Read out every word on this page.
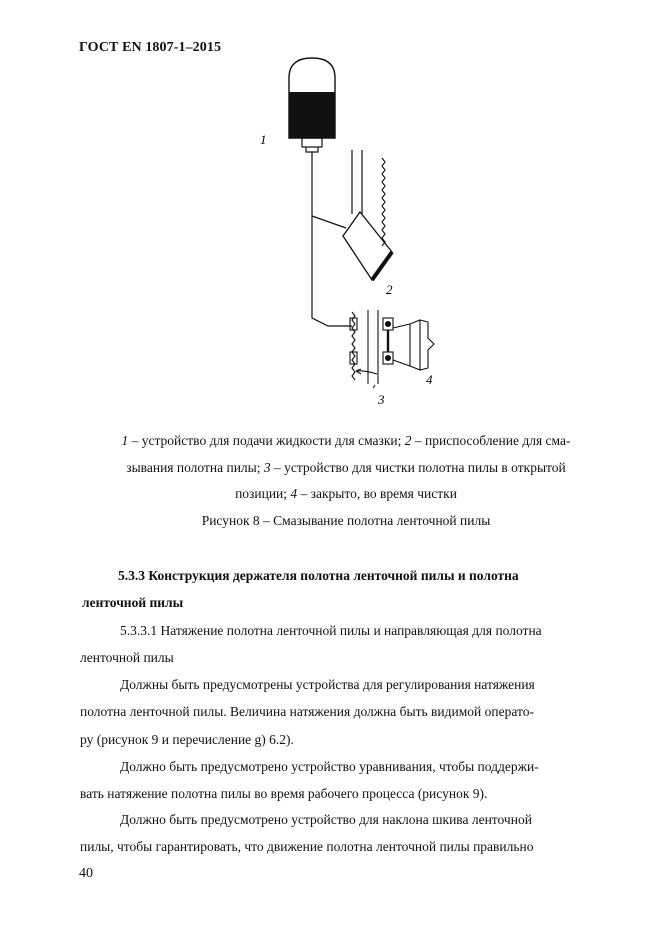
ГОСТ EN 1807-1–2015
1
2
3
4
1 – устройство для подачи жидкости для смазки; 2 – приспособление для сма-
зывания полотна пилы; 3 – устройство для чистки полотна пилы в открытой
позиции; 4 – закрыто, во время чистки
Рисунок 8 – Смазывание полотна ленточной пилы
5.3.3 Конструкция держателя полотна ленточной пилы и полотна
ленточной пилы
5.3.3.1 Натяжение полотна ленточной пилы и направляющая для полотна
ленточной пилы
Должны быть предусмотрены устройства для регулирования натяжения
полотна ленточной пилы. Величина натяжения должна быть видимой операто-
ру (рисунок 9 и перечисление g) 6.2).
Должно быть предусмотрено устройство уравнивания, чтобы поддержи-
вать натяжение полотна пилы во время рабочего процесса (рисунок 9).
Должно быть предусмотрено устройство для наклона шкива ленточной
пилы, чтобы гарантировать, что движение полотна ленточной пилы правильно
40
